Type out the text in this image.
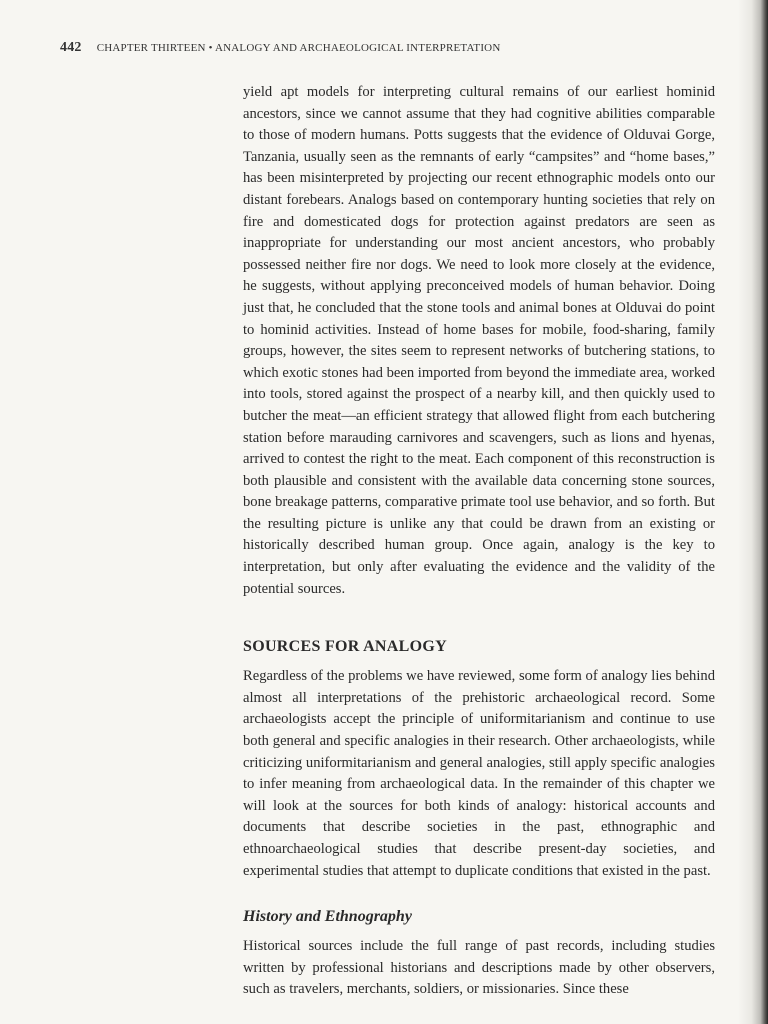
442 CHAPTER THIRTEEN • ANALOGY AND ARCHAEOLOGICAL INTERPRETATION

yield apt models for interpreting cultural remains of our earliest hominid ancestors, since we cannot assume that they had cognitive abilities comparable to those of modern humans. Potts suggests that the evidence of Olduvai Gorge, Tanzania, usually seen as the remnants of early “campsites” and “home bases,” has been misinterpreted by projecting our recent ethnographic models onto our distant forebears. Analogs based on contemporary hunting societies that rely on fire and domesticated dogs for protection against predators are seen as inappropriate for understanding our most ancient ancestors, who probably possessed neither fire nor dogs. We need to look more closely at the evidence, he suggests, without applying preconceived models of human behavior. Doing just that, he concluded that the stone tools and animal bones at Olduvai do point to hominid activities. Instead of home bases for mobile, food-sharing, family groups, however, the sites seem to represent networks of butchering stations, to which exotic stones had been imported from beyond the immediate area, worked into tools, stored against the prospect of a nearby kill, and then quickly used to butcher the meat—an efficient strategy that allowed flight from each butchering station before marauding carnivores and scavengers, such as lions and hyenas, arrived to contest the right to the meat. Each component of this reconstruction is both plausible and consistent with the available data concerning stone sources, bone breakage patterns, comparative primate tool use behavior, and so forth. But the resulting picture is unlike any that could be drawn from an existing or historically described human group. Once again, analogy is the key to interpretation, but only after evaluating the evidence and the validity of the potential sources.

SOURCES FOR ANALOGY

Regardless of the problems we have reviewed, some form of analogy lies behind almost all interpretations of the prehistoric archaeological record. Some archaeologists accept the principle of uniformitarianism and continue to use both general and specific analogies in their research. Other archaeologists, while criticizing uniformitarianism and general analogies, still apply specific analogies to infer meaning from archaeological data. In the remainder of this chapter we will look at the sources for both kinds of analogy: historical accounts and documents that describe societies in the past, ethnographic and ethnoarchaeological studies that describe present-day societies, and experimental studies that attempt to duplicate conditions that existed in the past.

History and Ethnography

Historical sources include the full range of past records, including studies written by professional historians and descriptions made by other observers, such as travelers, merchants, soldiers, or missionaries. Since these
